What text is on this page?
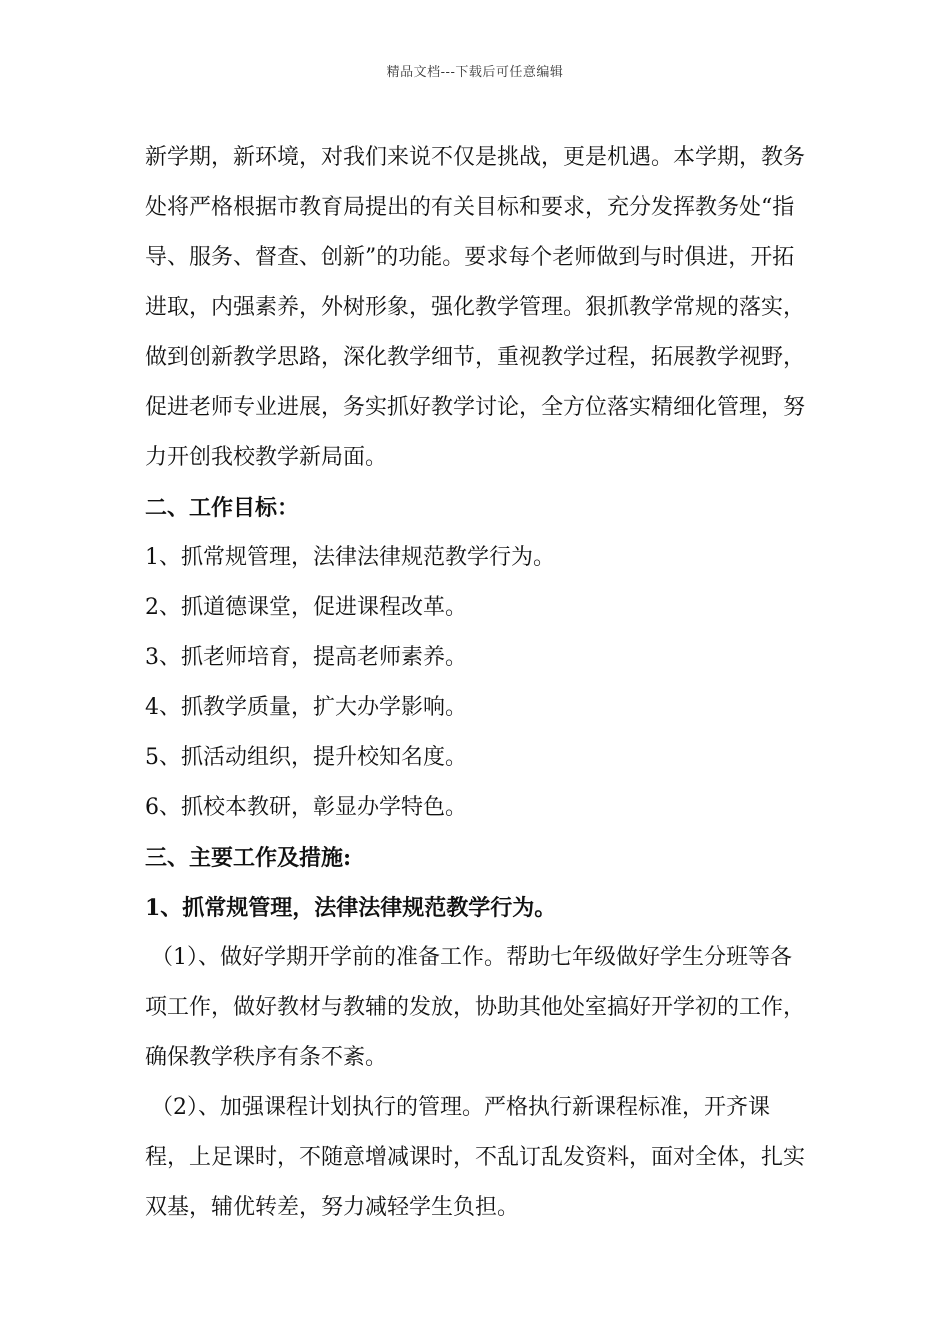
精品文档---下载后可任意编辑

新学期，新环境，对我们来说不仅是挑战，更是机遇。本学期，教务处将严格根据市教育局提出的有关目标和要求，充分发挥教务处“指导、服务、督查、创新”的功能。要求每个老师做到与时俱进，开拓进取，内强素养，外树形象，强化教学管理。狠抓教学常规的落实，做到创新教学思路，深化教学细节，重视教学过程，拓展教学视野，促进老师专业进展，务实抓好教学讨论，全方位落实精细化管理，努力开创我校教学新局面。

二、工作目标：

1、抓常规管理，法律法律规范教学行为。

2、抓道德课堂，促进课程改革。

3、抓老师培育，提高老师素养。

4、抓教学质量，扩大办学影响。

5、抓活动组织，提升校知名度。

6、抓校本教研，彰显办学特色。

三、主要工作及措施:

1、抓常规管理，法律法律规范教学行为。

（1）、做好学期开学前的准备工作。帮助七年级做好学生分班等各项工作，做好教材与教辅的发放，协助其他处室搞好开学初的工作，确保教学秩序有条不紊。

（2）、加强课程计划执行的管理。严格执行新课程标准，开齐课程，上足课时，不随意增减课时，不乱订乱发资料，面对全体，扎实双基，辅优转差，努力减轻学生负担。
